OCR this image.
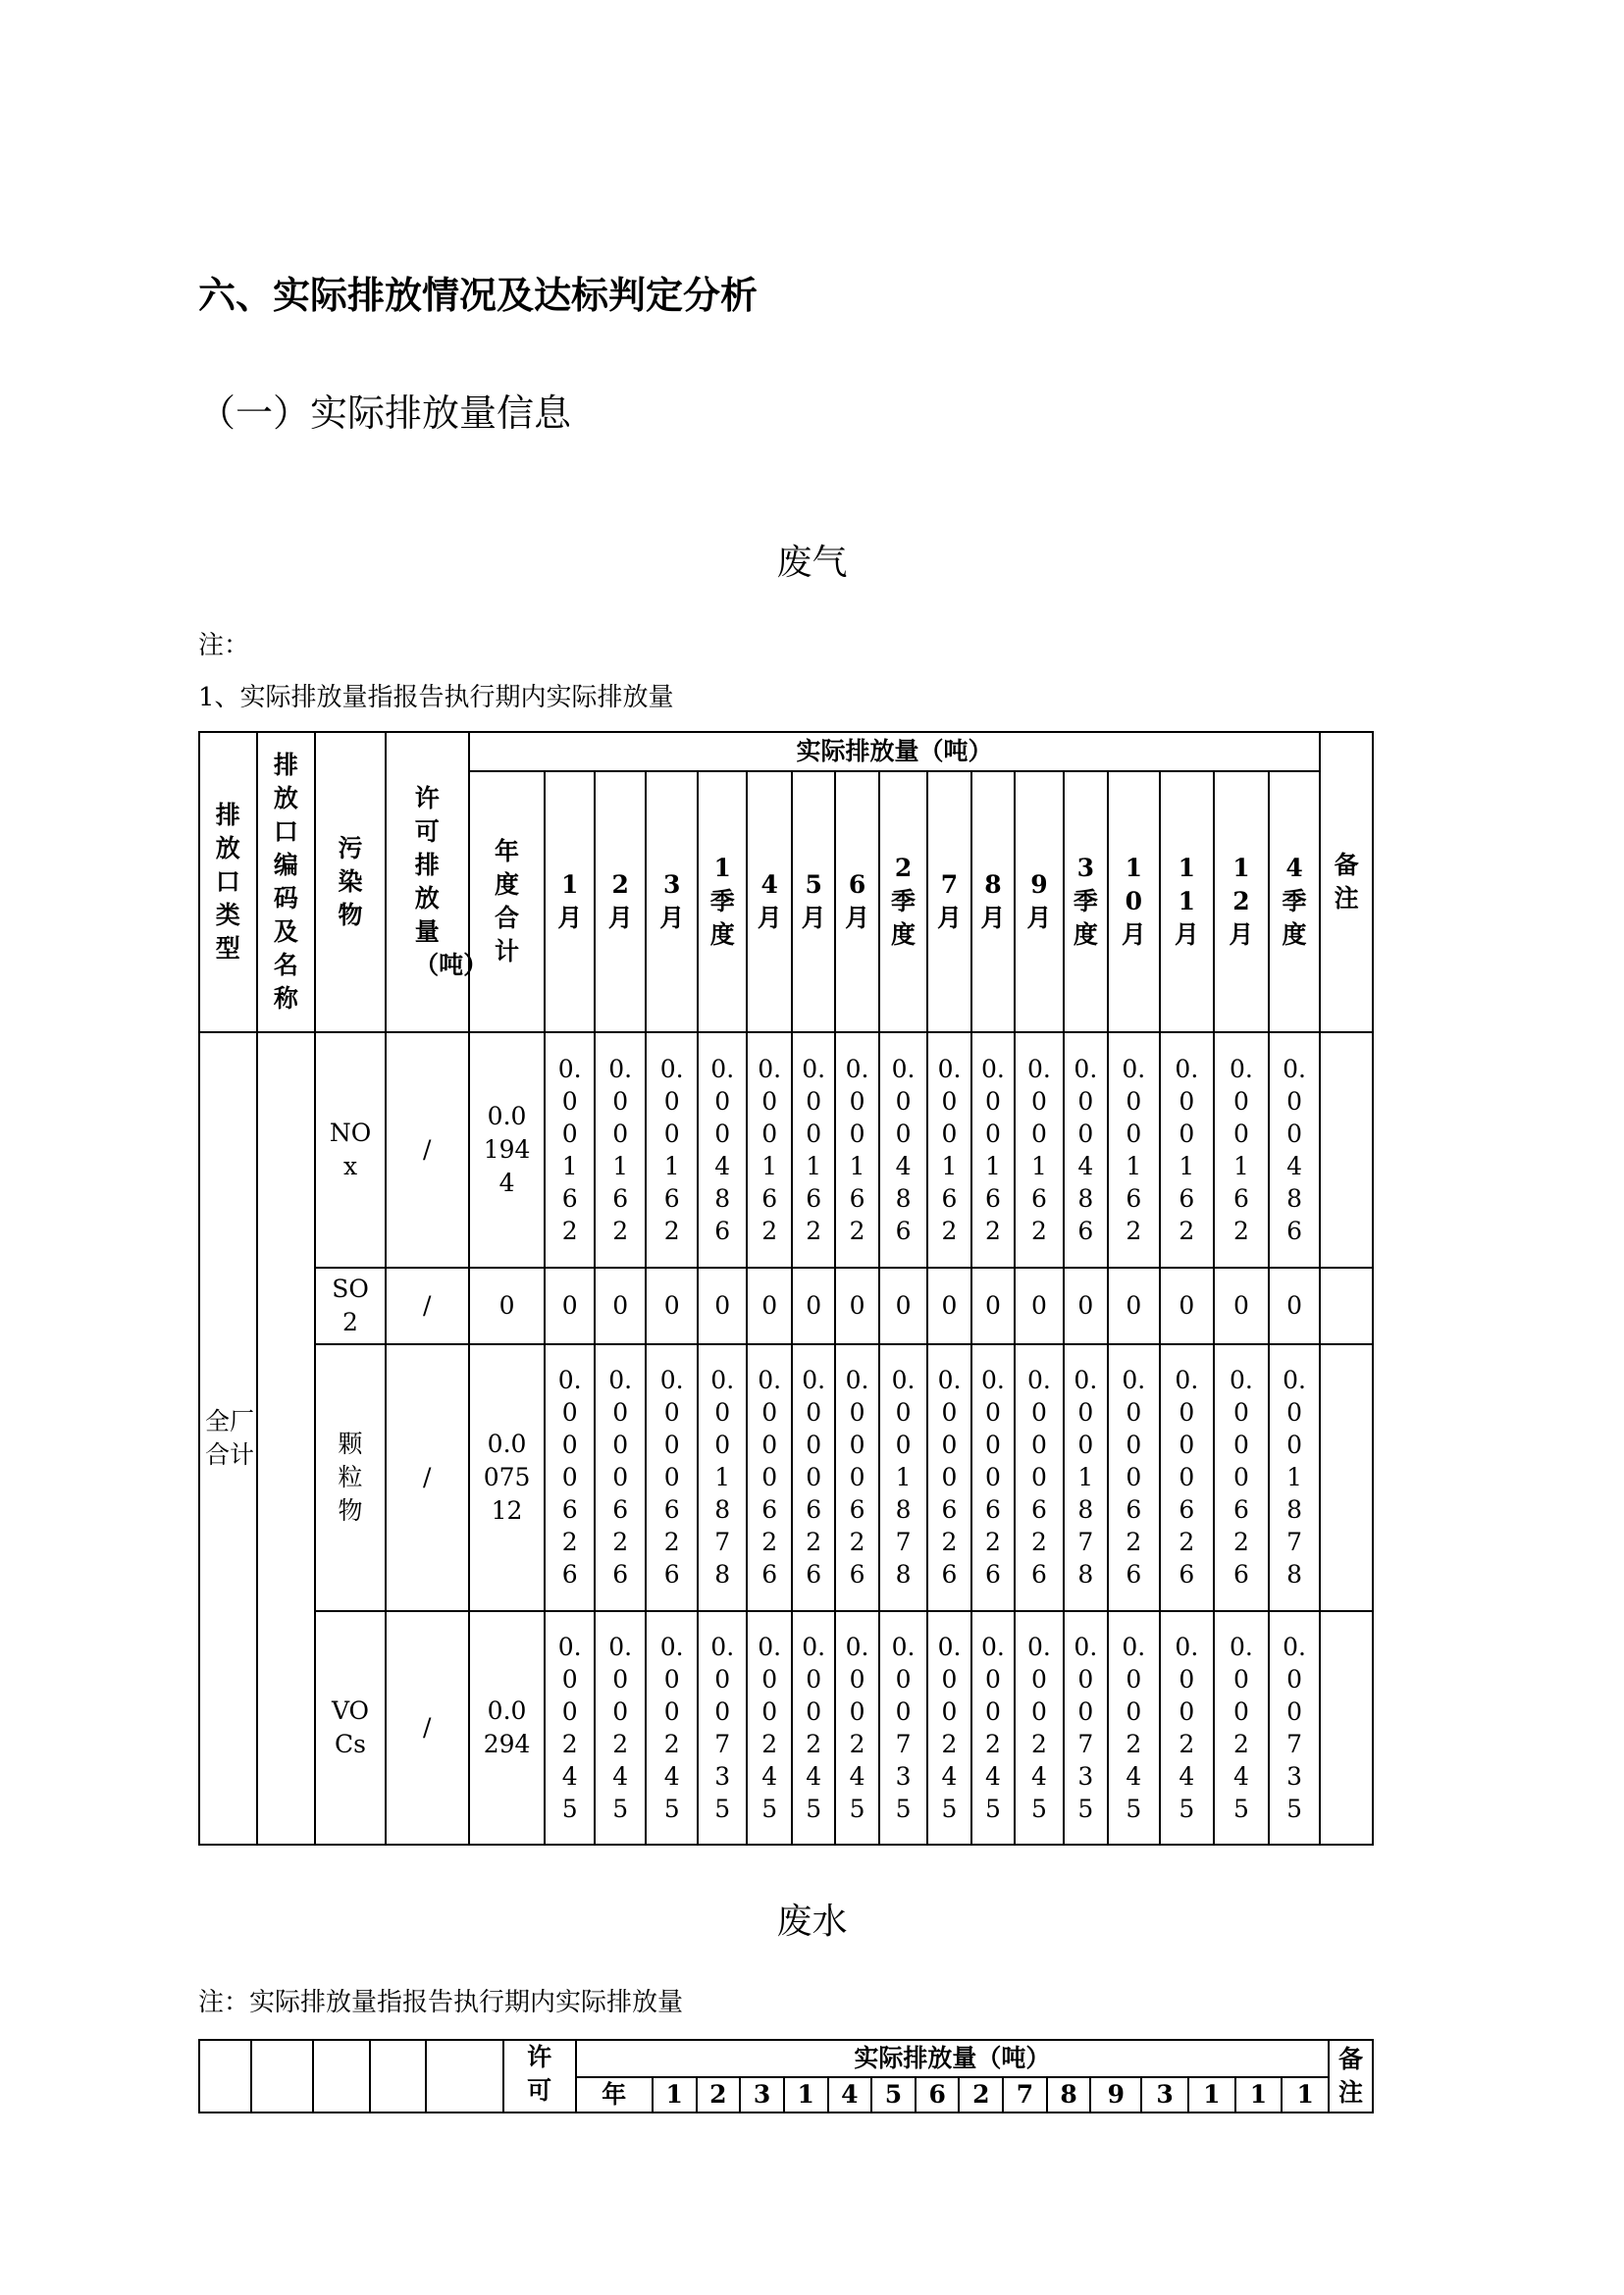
六、实际排放情况及达标判定分析
（一）实际排放量信息
废气
注：
1、实际排放量指报告执行期内实际排放量
排放口类型	排放口编码及名称	污染物	许可排放量（吨）	实际排放量（吨）																	备注
				年度合计	1月	2月	3月	1季度	4月	5月	6月	2季度	7月	8月	9月	3季度	10月	11月	12月	4季度	
全厂合计		NOx	/	0.01944	0.00162	0.00162	0.00162	0.00486	0.00162	0.00162	0.00162	0.00486	0.00162	0.00162	0.00162	0.00486	0.00162	0.00162	0.00162	0.00486	
		SO2	/	0	0	0	0	0	0	0	0	0	0	0	0	0	0	0	0	0	
		颗粒物	/	0.007512	0.000626	0.000626	0.000626	0.001878	0.000626	0.000626	0.000626	0.001878	0.000626	0.000626	0.000626	0.001878	0.000626	0.000626	0.000626	0.001878	
		VOCs	/	0.0294	0.00245	0.00245	0.00245	0.00735	0.00245	0.00245	0.00245	0.00735	0.00245	0.00245	0.00245	0.00735	0.00245	0.00245	0.00245	0.00735	
废水
注：实际排放量指报告执行期内实际排放量
					许可	实际排放量（吨）																备注
						年	1	2	3	1	4	5	6	2	7	8	9	3	1	1	1	
